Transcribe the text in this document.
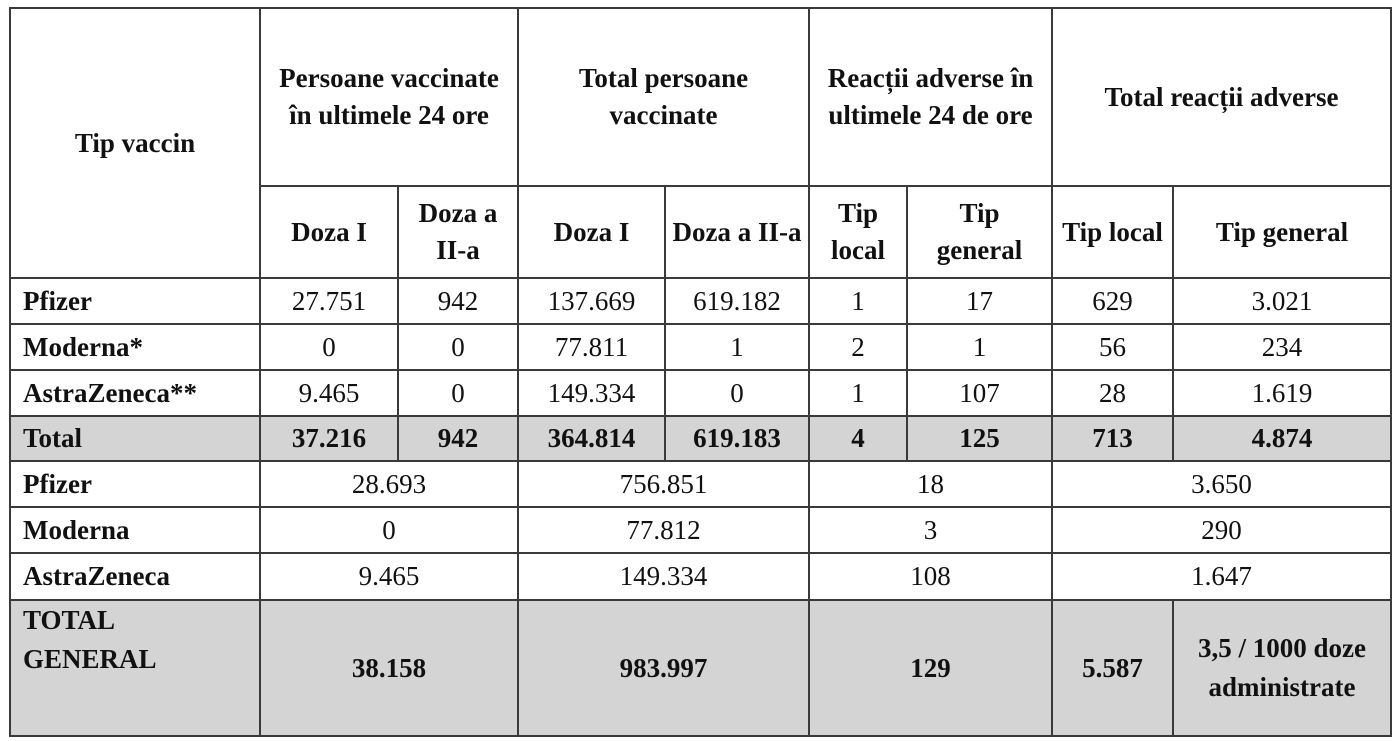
Tip vaccin	Persoane vaccinate în ultimele 24 ore		Total persoane vaccinate		Reacții adverse în ultimele 24 de ore		Total reacții adverse	
	Doza I	Doza a II-a	Doza I	Doza a II-a	Tip local	Tip general	Tip local	Tip general
Pfizer	27.751	942	137.669	619.182	1	17	629	3.021
Moderna*	0	0	77.811	1	2	1	56	234
AstraZeneca**	9.465	0	149.334	0	1	107	28	1.619
Total	37.216	942	364.814	619.183	4	125	713	4.874
Pfizer	28.693		756.851		18		3.650	
Moderna	0		77.812		3		290	
AstraZeneca	9.465		149.334		108		1.647	
TOTAL GENERAL	38.158		983.997		129		5.587	3,5 / 1000 doze administrate
